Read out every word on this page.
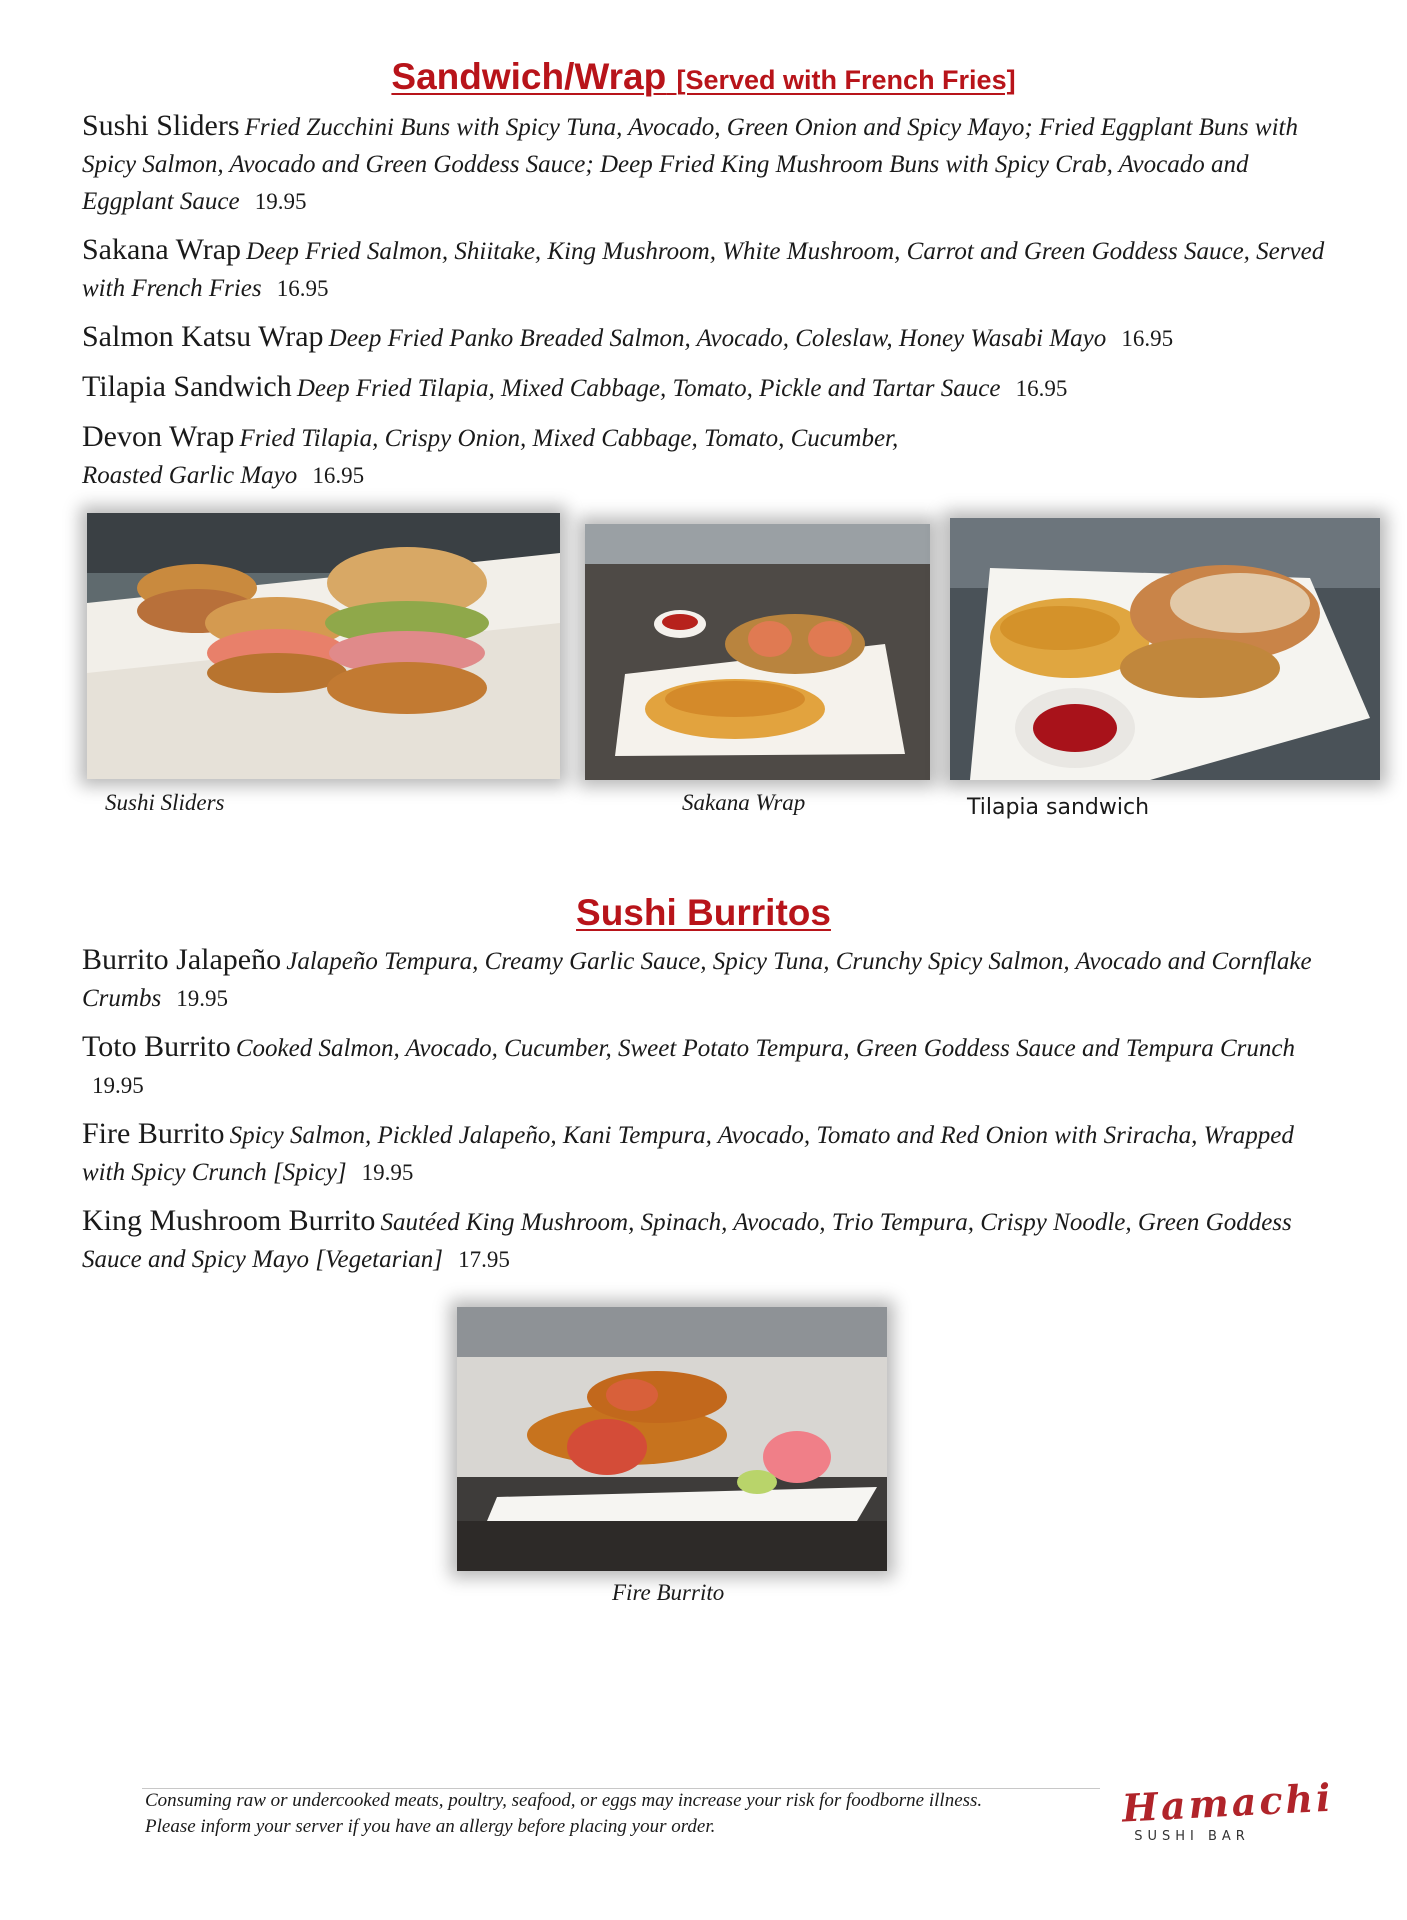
Sandwich/Wrap [Served with French Fries]
Sushi Sliders Fried Zucchini Buns with Spicy Tuna, Avocado, Green Onion and Spicy Mayo; Fried Eggplant Buns with Spicy Salmon, Avocado and Green Goddess Sauce; Deep Fried King Mushroom Buns with Spicy Crab, Avocado and Eggplant Sauce 19.95
Sakana Wrap Deep Fried Salmon, Shiitake, King Mushroom, White Mushroom, Carrot and Green Goddess Sauce, Served with French Fries 16.95
Salmon Katsu Wrap Deep Fried Panko Breaded Salmon, Avocado, Coleslaw, Honey Wasabi Mayo 16.95
Tilapia Sandwich Deep Fried Tilapia, Mixed Cabbage, Tomato, Pickle and Tartar Sauce 16.95
Devon Wrap Fried Tilapia, Crispy Onion, Mixed Cabbage, Tomato, Cucumber,
Roasted Garlic Mayo 16.95
Sushi Sliders	Sakana Wrap	Tilapia sandwich
Sushi Burritos
Burrito Jalapeño Jalapeño Tempura, Creamy Garlic Sauce, Spicy Tuna, Crunchy Spicy Salmon, Avocado and Cornflake Crumbs 19.95
Toto Burrito Cooked Salmon, Avocado, Cucumber, Sweet Potato Tempura, Green Goddess Sauce and Tempura Crunch 19.95
Fire Burrito Spicy Salmon, Pickled Jalapeño, Kani Tempura, Avocado, Tomato and Red Onion with Sriracha, Wrapped with Spicy Crunch [Spicy] 19.95
King Mushroom Burrito Sautéed King Mushroom, Spinach, Avocado, Trio Tempura, Crispy Noodle, Green Goddess Sauce and Spicy Mayo [Vegetarian] 17.95
Fire Burrito
Consuming raw or undercooked meats, poultry, seafood, or eggs may increase your risk for foodborne illness.
Please inform your server if you have an allergy before placing your order.	Hamachi
SUSHI BAR
